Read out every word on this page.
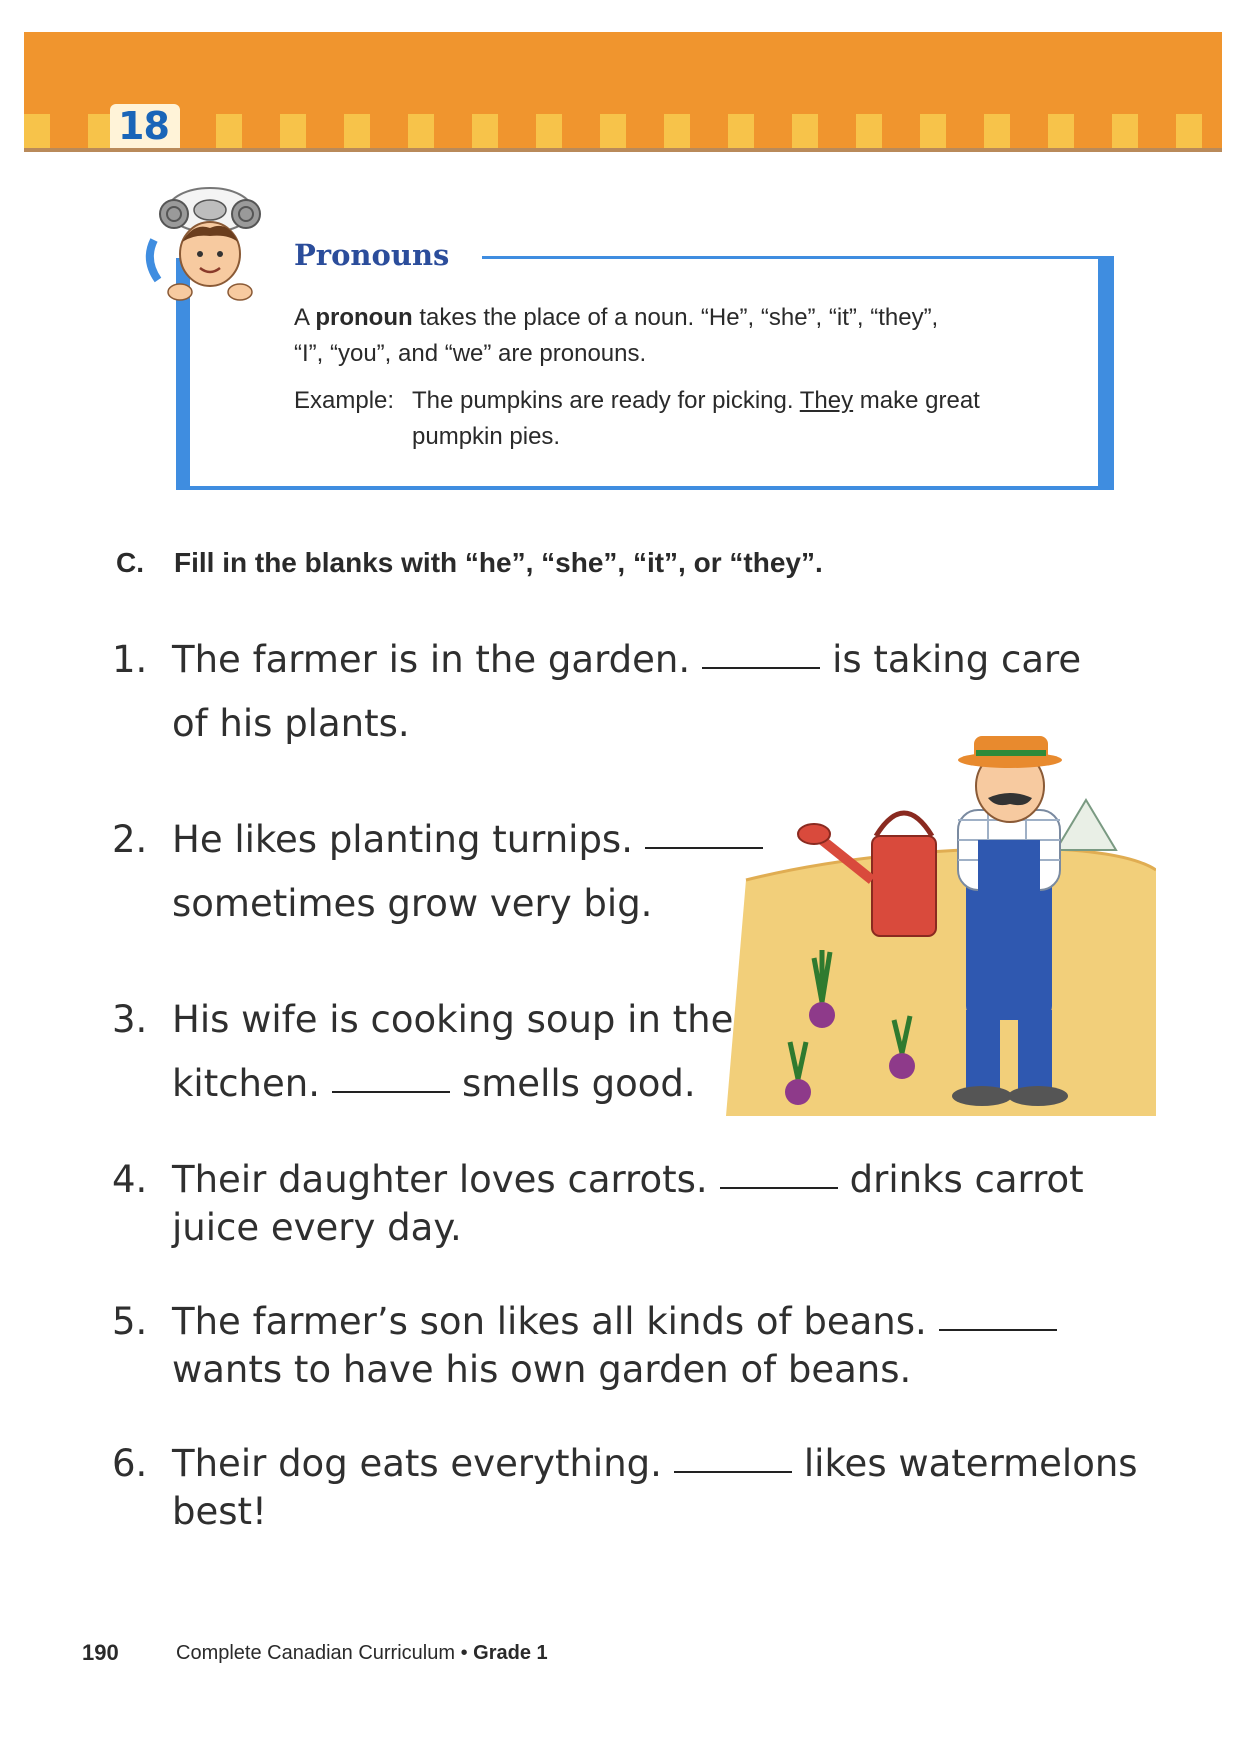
18
Pronouns
A pronoun takes the place of a noun. “He”, “she”, “it”, “they”,
“I”, “you”, and “we” are pronouns.
Example: The pumpkins are ready for picking. They make great
pumpkin pies.
C. Fill in the blanks with “he”, “she”, “it”, or “they”.
1. The farmer is in the garden.	is taking care
of his plants.
2. He likes planting turnips.
sometimes grow very big.
3. His wife is cooking soup in the
kitchen.	smells good.
4. Their daughter loves carrots.	drinks carrot
juice every day.
5. The farmer’s son likes all kinds of beans.
wants to have his own garden of beans.
6. Their dog eats everything.	likes watermelons
best!
190	Complete Canadian Curriculum • Grade 1
